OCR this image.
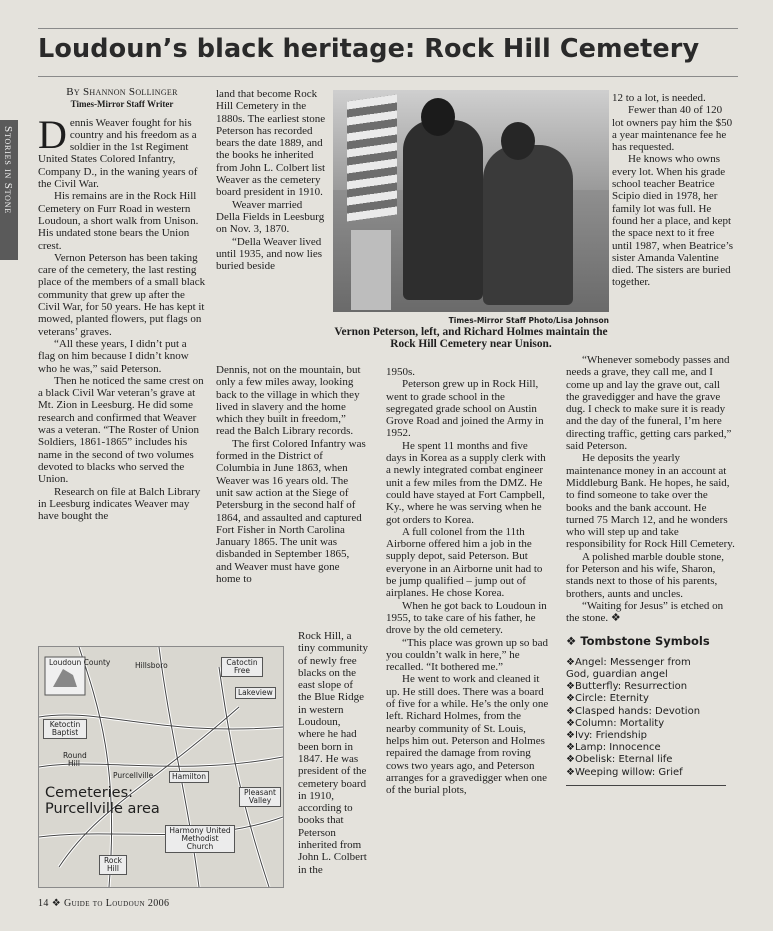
Loudoun’s black heritage: Rock Hill Cemetery
Stories in Stone
By Shannon Sollinger
Times-Mirror Staff Writer

Dennis Weaver fought for his country and his freedom as a soldier in the 1st Regiment United States Colored Infantry, Company D., in the waning years of the Civil War.

His remains are in the Rock Hill Cemetery on Furr Road in western Loudoun, a short walk from Unison. His undated stone bears the Union crest.

Vernon Peterson has been taking care of the cemetery, the last resting place of the members of a small black community that grew up after the Civil War, for 50 years. He has kept it mowed, planted flowers, put flags on veterans’ graves.

“All these years, I didn’t put a flag on him because I didn’t know who he was,” said Peterson.

Then he noticed the same crest on a black Civil War veteran’s grave at Mt. Zion in Leesburg. He did some research and confirmed that Weaver was a veteran. “The Roster of Union Soldiers, 1861-1865” includes his name in the second of two volumes devoted to blacks who served the Union.

Research on file at Balch Library in Leesburg indicates Weaver may have bought the

land that become Rock Hill Cemetery in the 1880s. The earliest stone Peterson has recorded bears the date 1889, and the books he inherited from John L. Colbert list Weaver as the cemetery board president in 1910.

Weaver married Della Fields in Leesburg on Nov. 3, 1870.

“Della Weaver lived until 1935, and now lies buried beside

Dennis, not on the mountain, but only a few miles away, looking back to the village in which they lived in slavery and the home which they built in freedom,” read the Balch Library records.

The first Colored Infantry was formed in the District of Columbia in June 1863, when Weaver was 16 years old. The unit saw action at the Siege of Petersburg in the second half of 1864, and assaulted and captured Fort Fisher in North Carolina January 1865. The unit was disbanded in September 1865, and Weaver must have gone home to

Rock Hill, a tiny community of newly free blacks on the east slope of the Blue Ridge in western Loudoun, where he had been born in 1847. He was president of the cemetery board in 1910, according to books that Peterson inherited from John L. Colbert in the

Times-Mirror Staff Photo/Lisa Johnson
Vernon Peterson, left, and Richard Holmes maintain the Rock Hill Cemetery near Unison.

1950s.

Peterson grew up in Rock Hill, went to grade school in the segregated grade school on Austin Grove Road and joined the Army in 1952.

He spent 11 months and five days in Korea as a supply clerk with a newly integrated combat engineer unit a few miles from the DMZ. He could have stayed at Fort Campbell, Ky., where he was serving when he got orders to Korea.

A full colonel from the 11th Airborne offered him a job in the supply depot, said Peterson. But everyone in an Airborne unit had to be jump qualified – jump out of airplanes. He chose Korea.

When he got back to Loudoun in 1955, to take care of his father, he drove by the old cemetery.

“This place was grown up so bad you couldn’t walk in here,” he recalled. “It bothered me.”

He went to work and cleaned it up. He still does. There was a board of five for a while. He’s the only one left. Richard Holmes, from the nearby community of St. Louis, helps him out. Peterson and Holmes repaired the damage from roving cows two years ago, and Peterson arranges for a gravedigger when one of the burial plots,

12 to a lot, is needed.

Fewer than 40 of 120 lot owners pay him the $50 a year maintenance fee he has requested.

He knows who owns every lot. When his grade school teacher Beatrice Scipio died in 1978, her family lot was full. He found her a place, and kept the space next to it free until 1987, when Beatrice’s sister Amanda Valentine died. The sisters are buried together.

“Whenever somebody passes and needs a grave, they call me, and I come up and lay the grave out, call the gravedigger and have the grave dug. I check to make sure it is ready and the day of the funeral, I’m here directing traffic, getting cars parked,” said Peterson.

He deposits the yearly maintenance money in an account at Middleburg Bank. He hopes, he said, to find someone to take over the books and the bank account. He turned 75 March 12, and he wonders who will step up and take responsibility for Rock Hill Cemetery.

A polished marble double stone, for Peterson and his wife, Sharon, stands next to those of his parents, brothers, aunts and uncles.

“Waiting for Jesus” is etched on the stone. ❖

❖ Tombstone Symbols
❖Angel: Messenger from
God, guardian angel
❖Butterfly: Resurrection
❖Circle: Eternity
❖Clasped hands: Devotion
❖Column: Mortality
❖Ivy: Friendship
❖Lamp: Innocence
❖Obelisk: Eternal life
❖Weeping willow: Grief
Loudoun County	Hillsboro	Catoctin Free
Lakeview
Ketoctin Baptist
Round Hill
Purcellville	Hamilton
Pleasant Valley
Harmony United Methodist Church
Rock Hill
Cemeteries:
Purcellville area
14 ❖ Guide to Loudoun 2006
